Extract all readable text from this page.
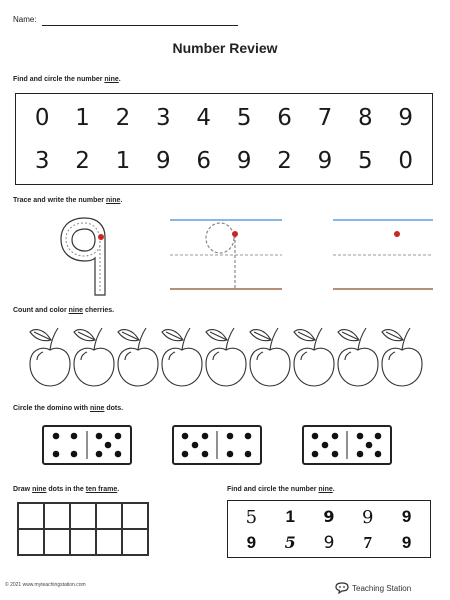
Name:
Number Review
Find and circle the number nine.
0 1 2 3 4 5 6 7 8 9
3 2 1 9 6 9 2 9 5 0
Trace and write the number nine.
Count and color nine cherries.
Circle the domino with nine dots.
Draw nine dots in the ten frame.	Find and circle the number nine.
5	1	9	9	9
9	5	9	7	9
© 2021 www.myteachingstation.com	Teaching Station
